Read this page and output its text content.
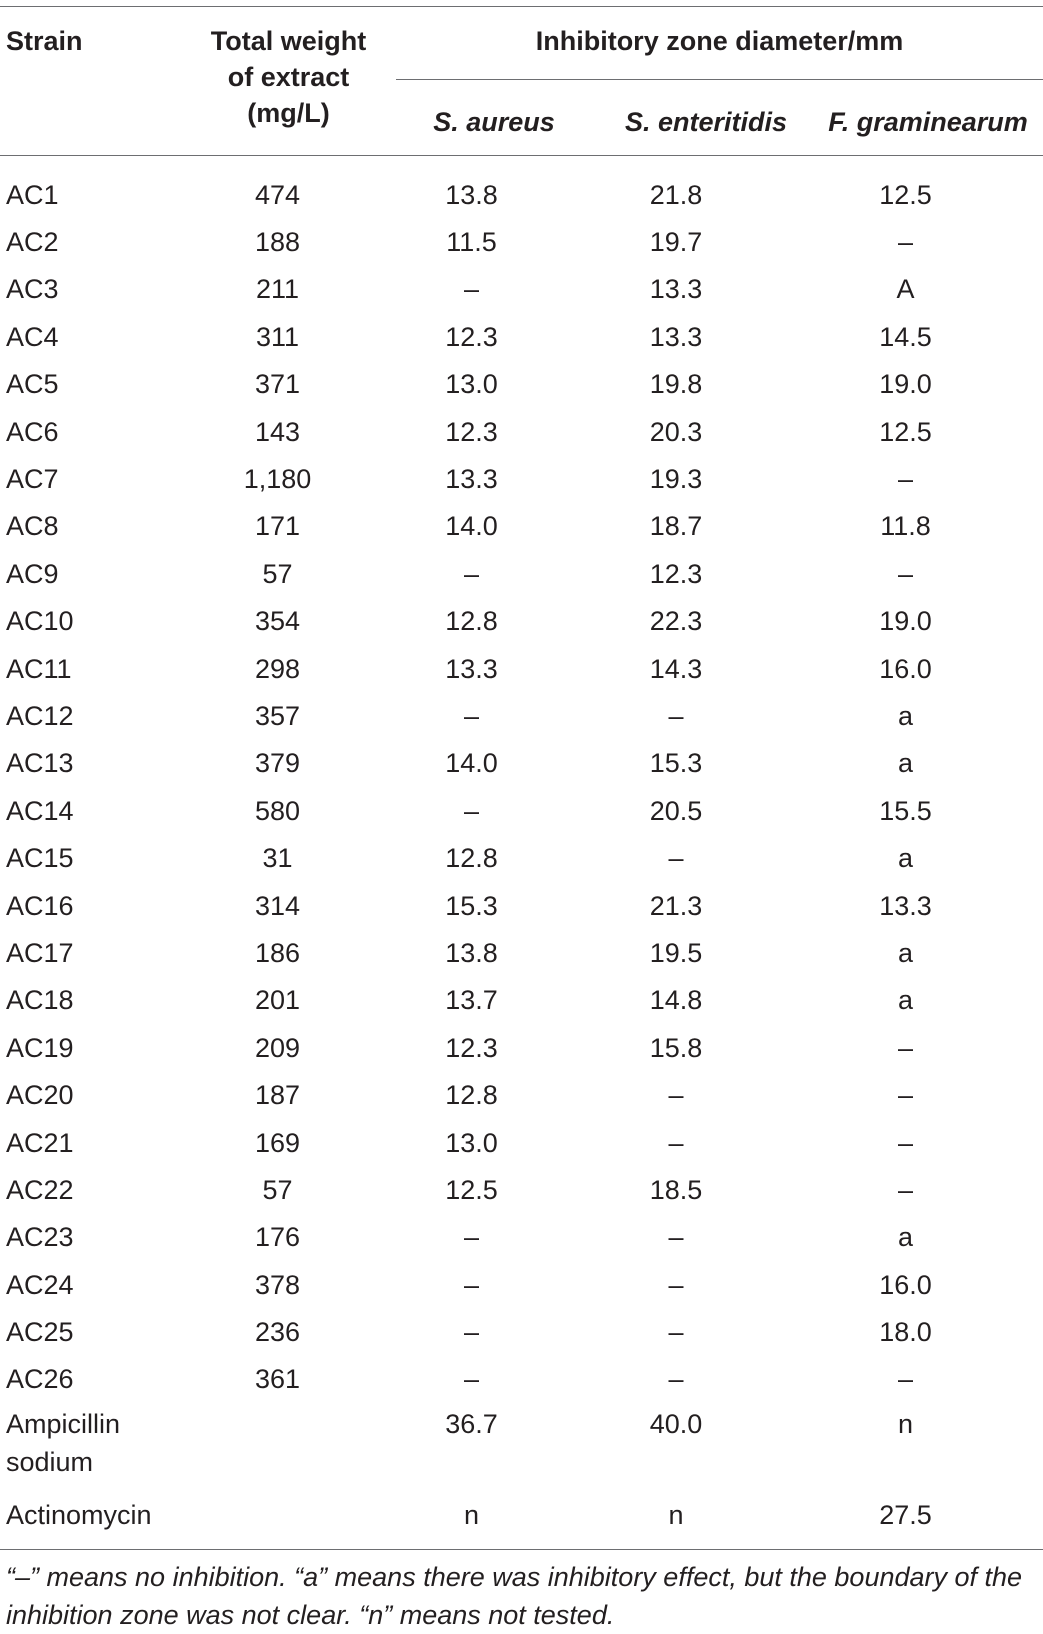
Strain	Total weight of extract (mg/L)
Inhibitory zone diameter/mm
S. aureus	S. enteritidis	F. graminearum
AC1	474	13.8	21.8	12.5
AC2	188	11.5	19.7	–
AC3	211	–	13.3	A
AC4	311	12.3	13.3	14.5
AC5	371	13.0	19.8	19.0
AC6	143	12.3	20.3	12.5
AC7	1,180	13.3	19.3	–
AC8	171	14.0	18.7	11.8
AC9	57	–	12.3	–
AC10	354	12.8	22.3	19.0
AC11	298	13.3	14.3	16.0
AC12	357	–	–	a
AC13	379	14.0	15.3	a
AC14	580	–	20.5	15.5
AC15	31	12.8	–	a
AC16	314	15.3	21.3	13.3
AC17	186	13.8	19.5	a
AC18	201	13.7	14.8	a
AC19	209	12.3	15.8	–
AC20	187	12.8	–	–
AC21	169	13.0	–	–
AC22	57	12.5	18.5	–
AC23	176	–	–	a
AC24	378	–	–	16.0
AC25	236	–	–	18.0
AC26	361	–	–	–
Ampicillin sodium		36.7	40.0	n
Actinomycin		n	n	27.5
“–” means no inhibition. “a” means there was inhibitory effect, but the boundary of the inhibition zone was not clear. “n” means not tested.
